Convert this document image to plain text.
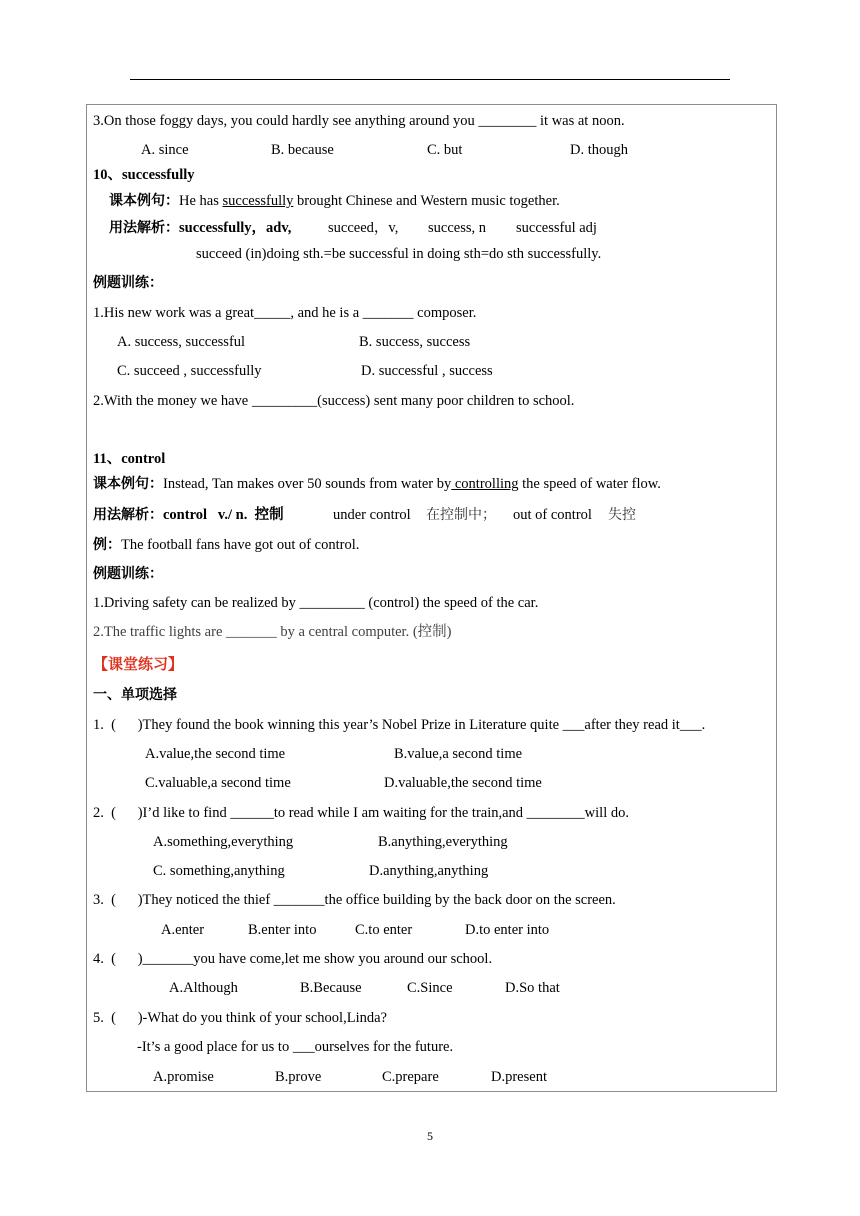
3.On those foggy days, you could hardly see anything around you ________ it was at noon.
A. since	B. because	C. but	D. though
10、successfully
课本例句：He has successfully brought Chinese and Western music together.
用法解析：successfully，adv,	succeed，v, success, n successful adj
succeed (in)doing sth.=be successful in doing sth=do sth successfully.
例题训练：
1.His new work was a great_____, and he is a _______ composer.
A. success, successful	B. success, success
C. succeed , successfully	D. successful , success
2.With the money we have _________(success) sent many poor children to school.
11、control
课本例句：Instead, Tan makes over 50 sounds from water by controlling the speed of water flow.
用法解析：control   v./ n.  控制	under control 在控制中； out of control 失控
例：The football fans have got out of control.
例题训练：
1.Driving safety can be realized by _________ (control) the speed of the car.
2.The traffic lights are _______ by a central computer. (控制)
【课堂练习】
一、单项选择
1.  (      )They found the book winning this year’s Nobel Prize in Literature quite ___after they read it___.
A.value,the second time	B.value,a second time
C.valuable,a second time	D.valuable,the second time
2.  (      )I’d like to find ______to read while I am waiting for the train,and ________will do.
A.something,everything	B.anything,everything
C. something,anything	D.anything,anything
3.  (      )They noticed the thief _______the office building by the back door on the screen.
A.enter	B.enter into	C.to enter	D.to enter into
4.  (      )_______you have come,let me show you around our school.
A.Although	B.Because	C.Since	D.So that
5.  (      )-What do you think of your school,Linda?
-It’s a good place for us to ___ourselves for the future.
A.promise	B.prove	C.prepare	D.present
5
